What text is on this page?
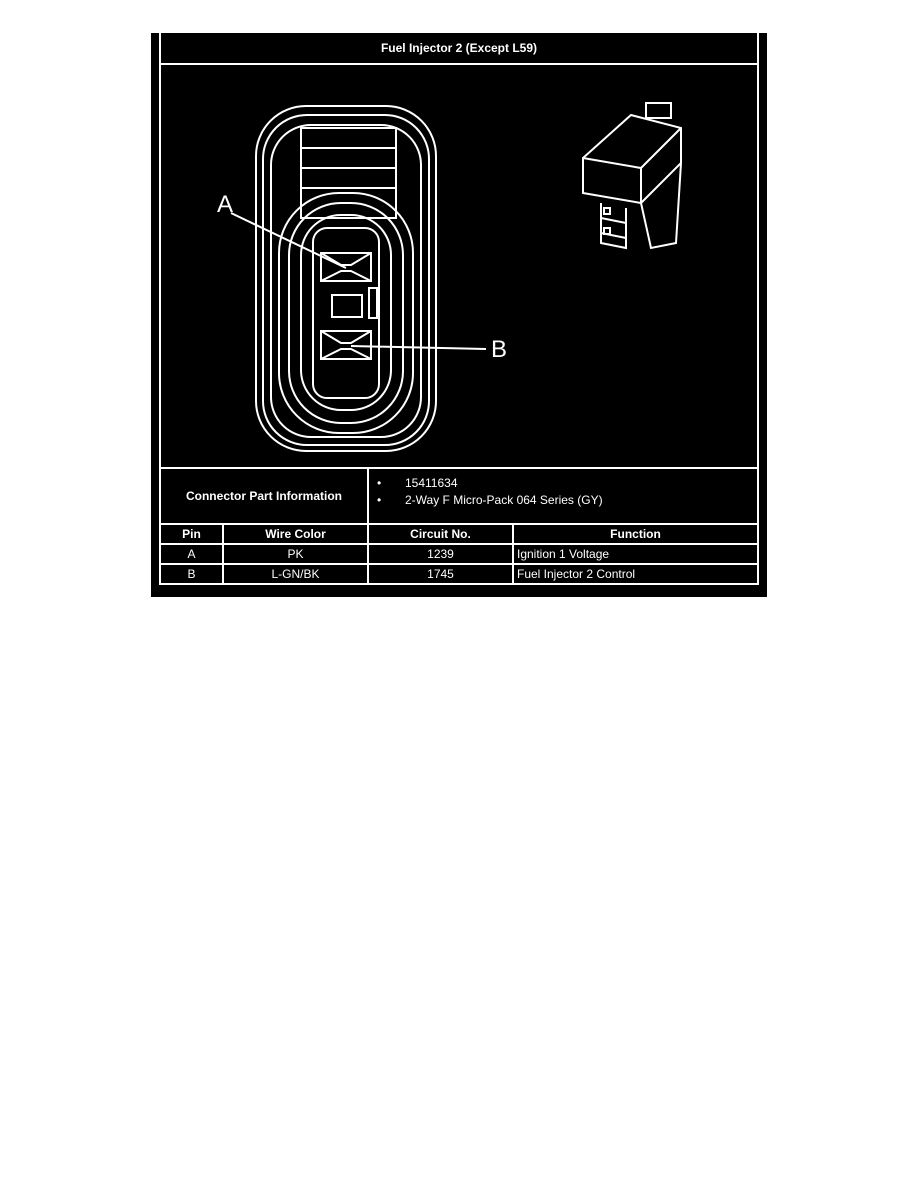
Fuel Injector 2 (Except L59)
A
B
Connector Part Information
• 15411634
• 2-Way F Micro-Pack 064 Series (GY)
Pin	Wire Color	Circuit No.	Function
A	PK	1239	Ignition 1 Voltage
B	L-GN/BK	1745	Fuel Injector 2 Control
